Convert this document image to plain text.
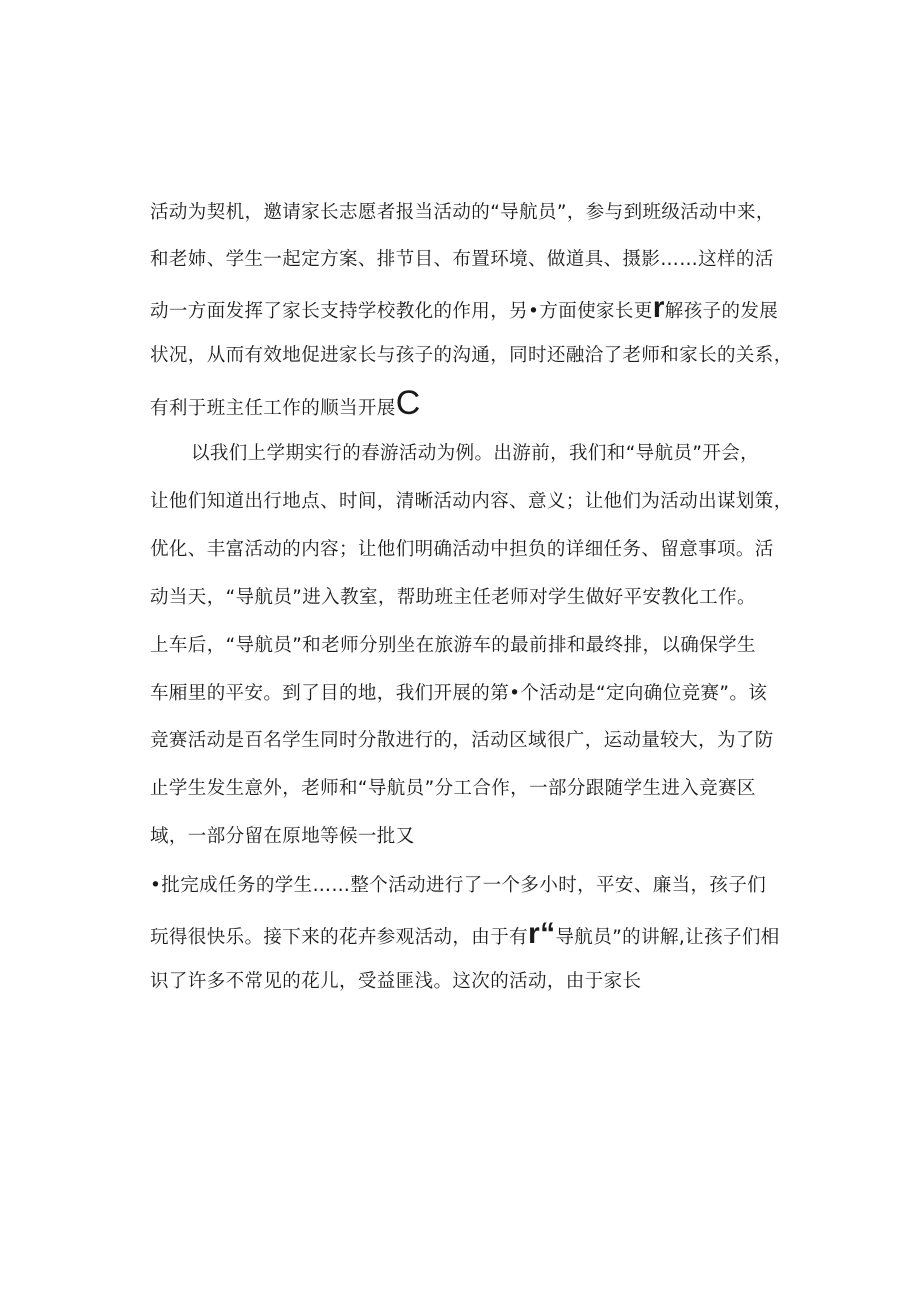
活动为契机，邀请家长志愿者报当活动的“导航员”，参与到班级活动中来，
和老姉、学生一起定方案、排节目、布置环境、做道具、摄影……这样的活
动一方面发挥了家长支持学校教化的作用，另•方面使家长更r解孩子的发展
状况，从而有效地促进家长与孩子的沟通，同时还融洽了老师和家长的关系，
有利于班主任工作的顺当开展C
以我们上学期实行的春游活动为例。出游前，我们和“导航员”开会，
让他们知道出行地点、时间，清晰活动内容、意义；让他们为活动出谋划策，
优化、丰富活动的内容；让他们明确活动中担负的详细任务、留意事项。活
动当天，“导航员”进入教室，帮助班主任老师对学生做好平安教化工作。
上车后，“导航员”和老师分别坐在旅游车的最前排和最终排，以确保学生
车厢里的平安。到了目的地，我们开展的第•个活动是“定向确位竞赛”。该
竞赛活动是百名学生同时分散进行的，活动区域很广，运动量较大，为了防
止学生发生意外，老师和“导航员”分工合作，一部分跟随学生进入竞赛区
域，一部分留在原地等候一批又
•批完成任务的学生……整个活动进行了一个多小时，平安、廉当，孩子们
玩得很快乐。接下来的花卉参观活动，由于有r“导航员”的讲解,让孩子们相
识了许多不常见的花儿，受益匪浅。这次的活动，由于家长
